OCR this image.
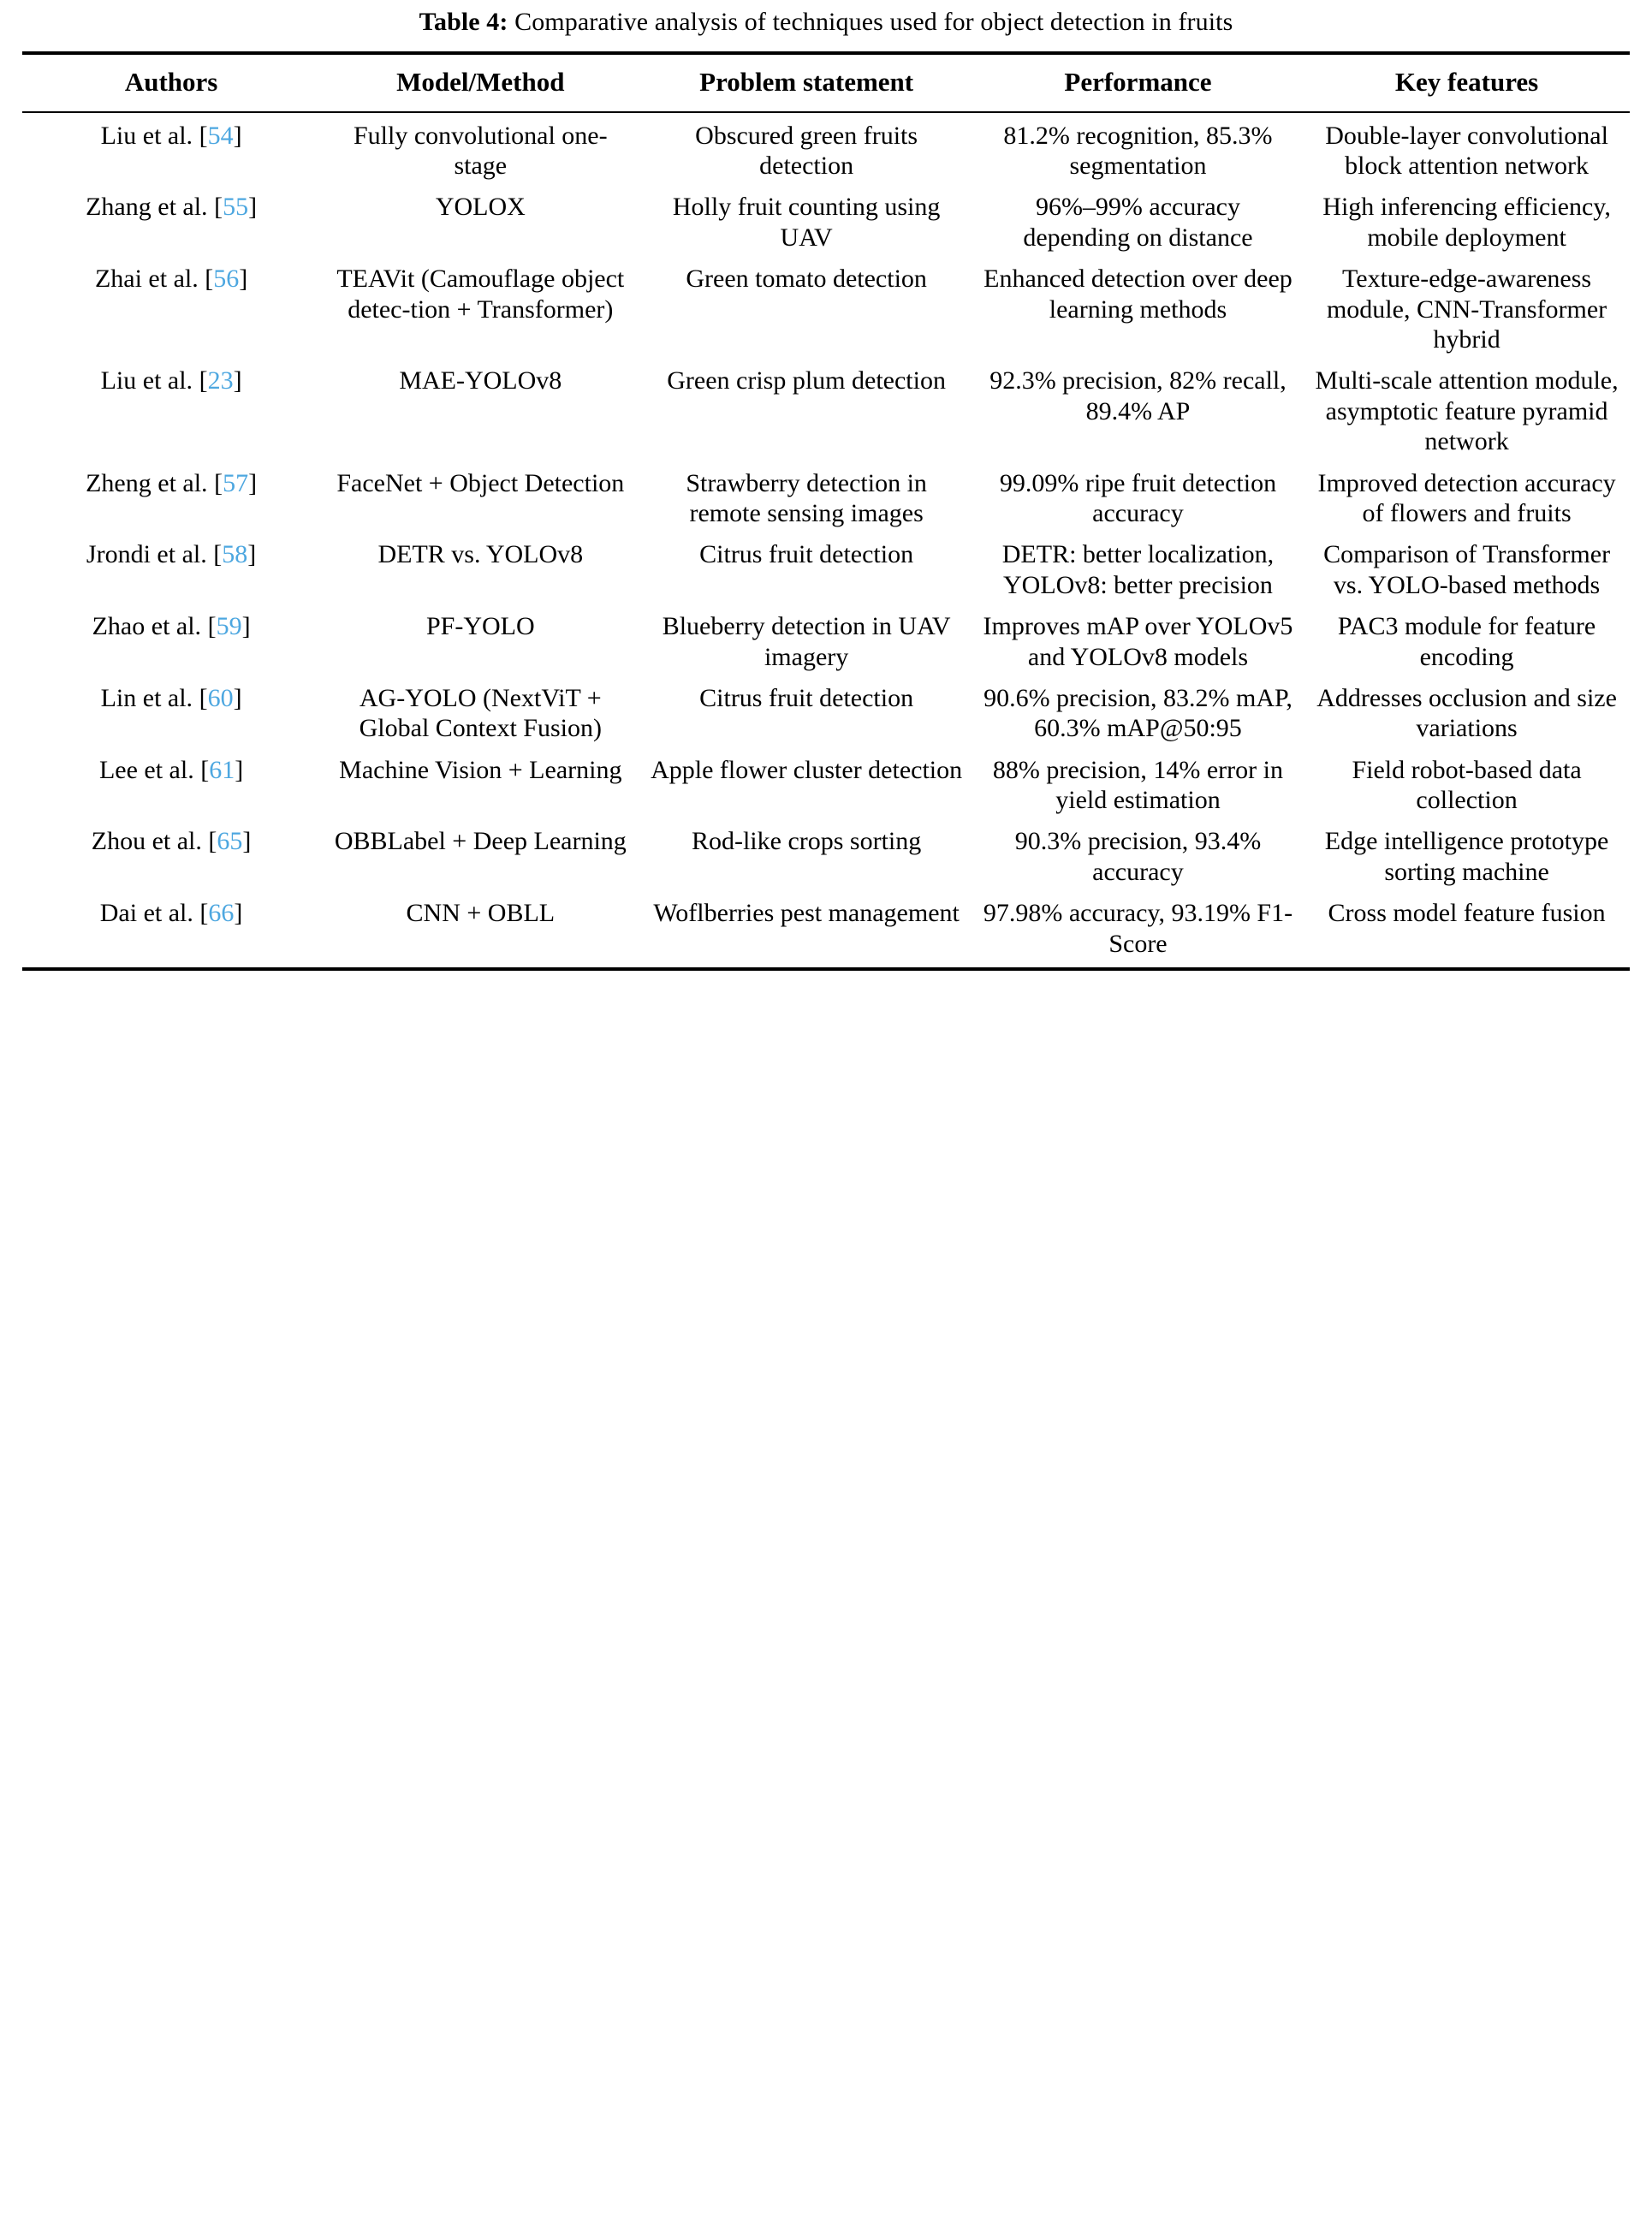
Table 4: Comparative analysis of techniques used for object detection in fruits
Authors	Model/Method	Problem statement	Performance	Key features
Liu et al. [54]	Fully convolutional one-stage	Obscured green fruits detection	81.2% recognition, 85.3% segmentation	Double-layer convolutional block attention network
Zhang et al. [55]	YOLOX	Holly fruit counting using UAV	96%–99% accuracy depending on distance	High inferencing efficiency, mobile deployment
Zhai et al. [56]	TEAVit (Camouflage object detec-tion + Transformer)	Green tomato detection	Enhanced detection over deep learning methods	Texture-edge-awareness module, CNN-Transformer hybrid
Liu et al. [23]	MAE-YOLOv8	Green crisp plum detection	92.3% precision, 82% recall, 89.4% AP	Multi-scale attention module, asymptotic feature pyramid network
Zheng et al. [57]	FaceNet + Object Detection	Strawberry detection in remote sensing images	99.09% ripe fruit detection accuracy	Improved detection accuracy of flowers and fruits
Jrondi et al. [58]	DETR vs. YOLOv8	Citrus fruit detection	DETR: better localization, YOLOv8: better precision	Comparison of Transformer vs. YOLO-based methods
Zhao et al. [59]	PF-YOLO	Blueberry detection in UAV imagery	Improves mAP over YOLOv5 and YOLOv8 models	PAC3 module for feature encoding
Lin et al. [60]	AG-YOLO (NextViT + Global Context Fusion)	Citrus fruit detection	90.6% precision, 83.2% mAP, 60.3% mAP@50:95	Addresses occlusion and size variations
Lee et al. [61]	Machine Vision + Learning	Apple flower cluster detection	88% precision, 14% error in yield estimation	Field robot-based data collection
Zhou et al. [65]	OBBLabel + Deep Learning	Rod-like crops sorting	90.3% precision, 93.4% accuracy	Edge intelligence prototype sorting machine
Dai et al. [66]	CNN + OBLL	Woflberries pest management	97.98% accuracy, 93.19% F1-Score	Cross model feature fusion
